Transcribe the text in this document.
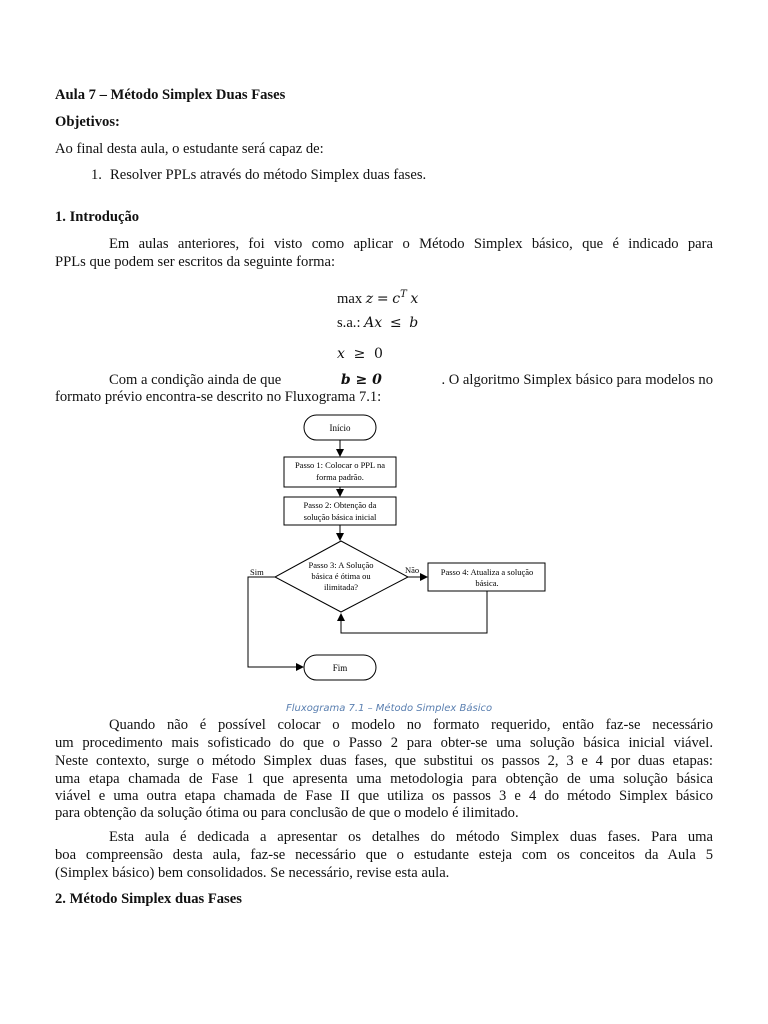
Aula 7 – Método Simplex Duas Fases

Objetivos:

Ao final desta aula, o estudante será capaz de:

1. Resolver PPLs através do método Simplex duas fases.

1. Introdução

Em aulas anteriores, foi visto como aplicar o Método Simplex básico, que é indicado para

PPLs que podem ser escritos da seguinte forma:

$\max z = c^T$ x
s.a.: Ax ≤ b
x ≥ 0
Com a condição ainda de que	b ≥ 0	. O algoritmo Simplex básico para modelos no

formato prévio encontra-se descrito no Fluxograma 7.1:

Início
Passo 1: Colocar o PPL na
forma padrão.
Passo 2: Obtenção da
solução básica inicial
Passo 3: A Solução
básica é ótima ou
ilimitada?
Não	Passo 4: Atualiza a solução
básica.
Sim
Fim

Fluxograma 7.1 – Método Simplex Básico

Quando não é possível colocar o modelo no formato requerido, então faz-se necessário

um procedimento mais sofisticado do que o Passo 2 para obter-se uma solução básica inicial viável.

Neste contexto, surge o método Simplex duas fases, que substitui os passos 2, 3 e 4 por duas etapas:

uma etapa chamada de Fase 1 que apresenta uma metodologia para obtenção de uma solução básica

viável e uma outra etapa chamada de Fase II que utiliza os passos 3 e 4 do método Simplex básico

para obtenção da solução ótima ou para conclusão de que o modelo é ilimitado.

Esta aula é dedicada a apresentar os detalhes do método Simplex duas fases. Para uma

boa compreensão desta aula, faz-se necessário que o estudante esteja com os conceitos da Aula 5

(Simplex básico) bem consolidados. Se necessário, revise esta aula.

2. Método Simplex duas Fases
